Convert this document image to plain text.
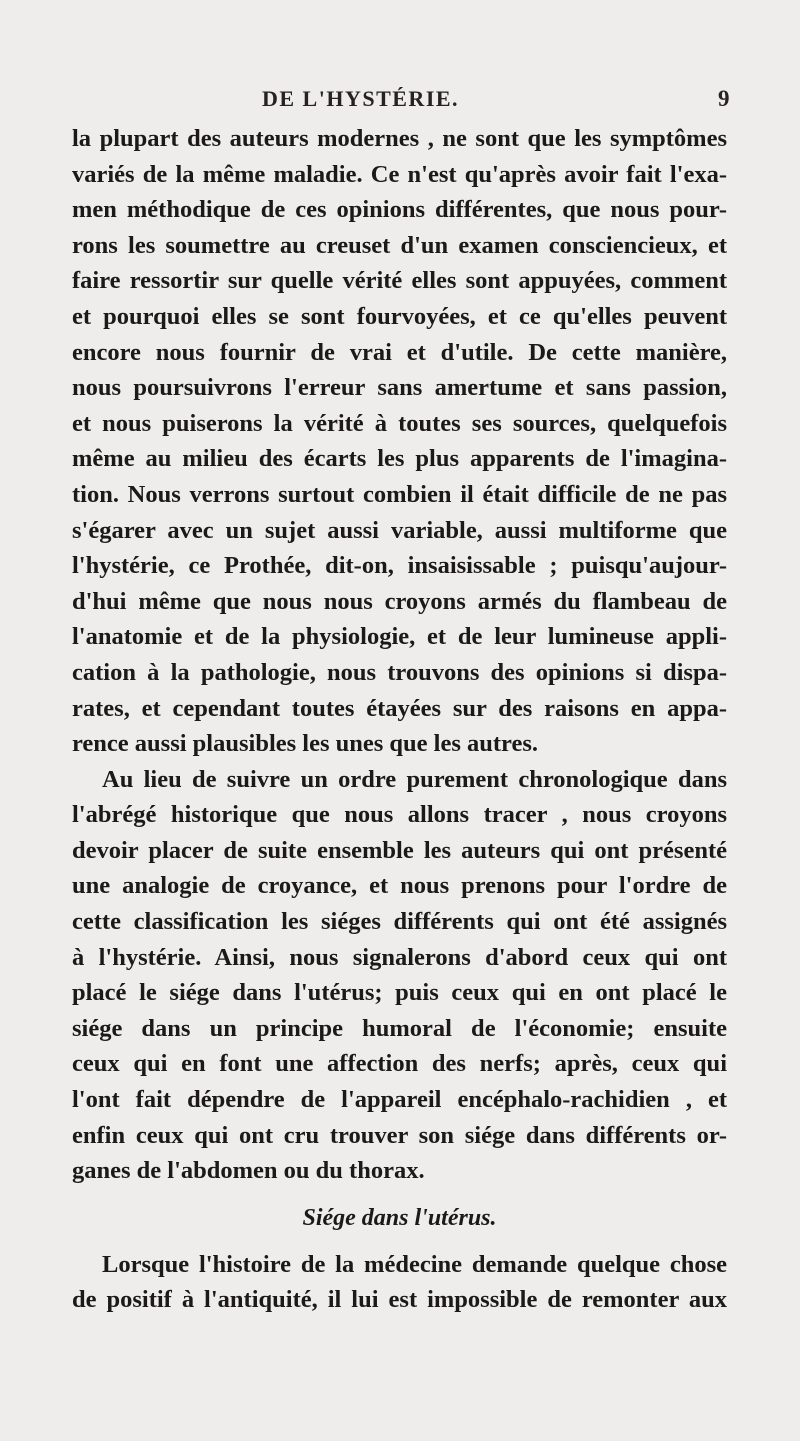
DE L'HYSTÉRIE.	9
la plupart des auteurs modernes , ne sont que les symptômes
variés de la même maladie. Ce n'est qu'après avoir fait l'exa-
men méthodique de ces opinions différentes, que nous pour-
rons les soumettre au creuset d'un examen consciencieux, et
faire ressortir sur quelle vérité elles sont appuyées, comment
et pourquoi elles se sont fourvoyées, et ce qu'elles peuvent
encore nous fournir de vrai et d'utile. De cette manière,
nous poursuivrons l'erreur sans amertume et sans passion,
et nous puiserons la vérité à toutes ses sources, quelquefois
même au milieu des écarts les plus apparents de l'imagina-
tion. Nous verrons surtout combien il était difficile de ne pas
s'égarer avec un sujet aussi variable, aussi multiforme que
l'hystérie, ce Prothée, dit-on, insaisissable ; puisqu'aujour-
d'hui même que nous nous croyons armés du flambeau de
l'anatomie et de la physiologie, et de leur lumineuse appli-
cation à la pathologie, nous trouvons des opinions si dispa-
rates, et cependant toutes étayées sur des raisons en appa-
rence aussi plausibles les unes que les autres.
Au lieu de suivre un ordre purement chronologique dans
l'abrégé historique que nous allons tracer , nous croyons
devoir placer de suite ensemble les auteurs qui ont présenté
une analogie de croyance, et nous prenons pour l'ordre de
cette classification les siéges différents qui ont été assignés
à l'hystérie. Ainsi, nous signalerons d'abord ceux qui ont
placé le siége dans l'utérus; puis ceux qui en ont placé le
siége dans un principe humoral de l'économie; ensuite
ceux qui en font une affection des nerfs; après, ceux qui
l'ont fait dépendre de l'appareil encéphalo-rachidien , et
enfin ceux qui ont cru trouver son siége dans différents or-
ganes de l'abdomen ou du thorax.
Siége dans l'utérus.
Lorsque l'histoire de la médecine demande quelque chose
de positif à l'antiquité, il lui est impossible de remonter aux
